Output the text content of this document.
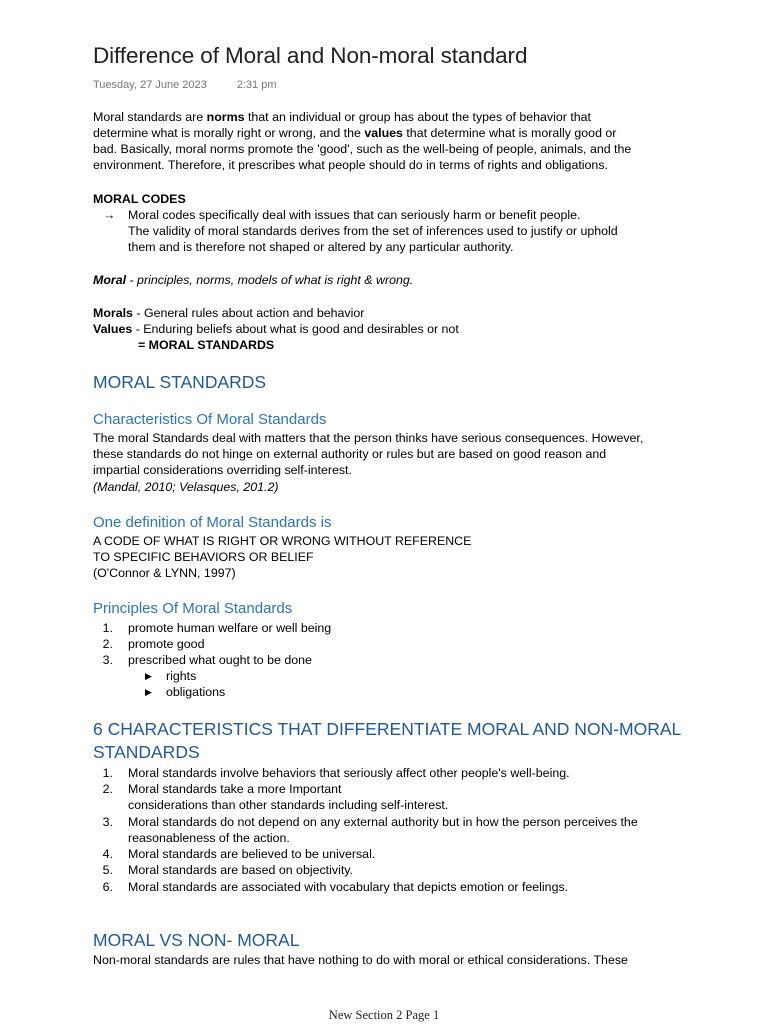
Difference of Moral and Non-moral standard
Tuesday, 27 June 2023	2:31 pm
Moral standards are norms that an individual or group has about the types of behavior that
determine what is morally right or wrong, and the values that determine what is morally good or
bad. Basically, moral norms promote the 'good', such as the well-being of people, animals, and the
environment. Therefore, it prescribes what people should do in terms of rights and obligations.
MORAL CODES
→ Moral codes specifically deal with issues that can seriously harm or benefit people.
The validity of moral standards derives from the set of inferences used to justify or uphold
them and is therefore not shaped or altered by any particular authority.
Moral - principles, norms, models of what is right & wrong.
Morals - General rules about action and behavior
Values - Enduring beliefs about what is good and desirables or not
= MORAL STANDARDS
MORAL STANDARDS
Characteristics Of Moral Standards
The moral Standards deal with matters that the person thinks have serious consequences. However,
these standards do not hinge on external authority or rules but are based on good reason and
impartial considerations overriding self-interest.
(Mandal, 2010; Velasques, 201.2)
One definition of Moral Standards is
A CODE OF WHAT IS RIGHT OR WRONG WITHOUT REFERENCE
TO SPECIFIC BEHAVIORS OR BELIEF
(O'Connor & LYNN, 1997)
Principles Of Moral Standards
1. promote human welfare or well being
2. promote good
3. prescribed what ought to be done
▶ rights
▶ obligations
6 CHARACTERISTICS THAT DIFFERENTIATE MORAL AND NON-MORAL
STANDARDS
1. Moral standards involve behaviors that seriously affect other people's well-being.
2. Moral standards take a more Important
considerations than other standards including self-interest.
3. Moral standards do not depend on any external authority but in how the person perceives the
reasonableness of the action.
4. Moral standards are believed to be universal.
5. Moral standards are based on objectivity.
6. Moral standards are associated with vocabulary that depicts emotion or feelings.
MORAL VS NON- MORAL
Non-moral standards are rules that have nothing to do with moral or ethical considerations. These
New Section 2 Page 1
